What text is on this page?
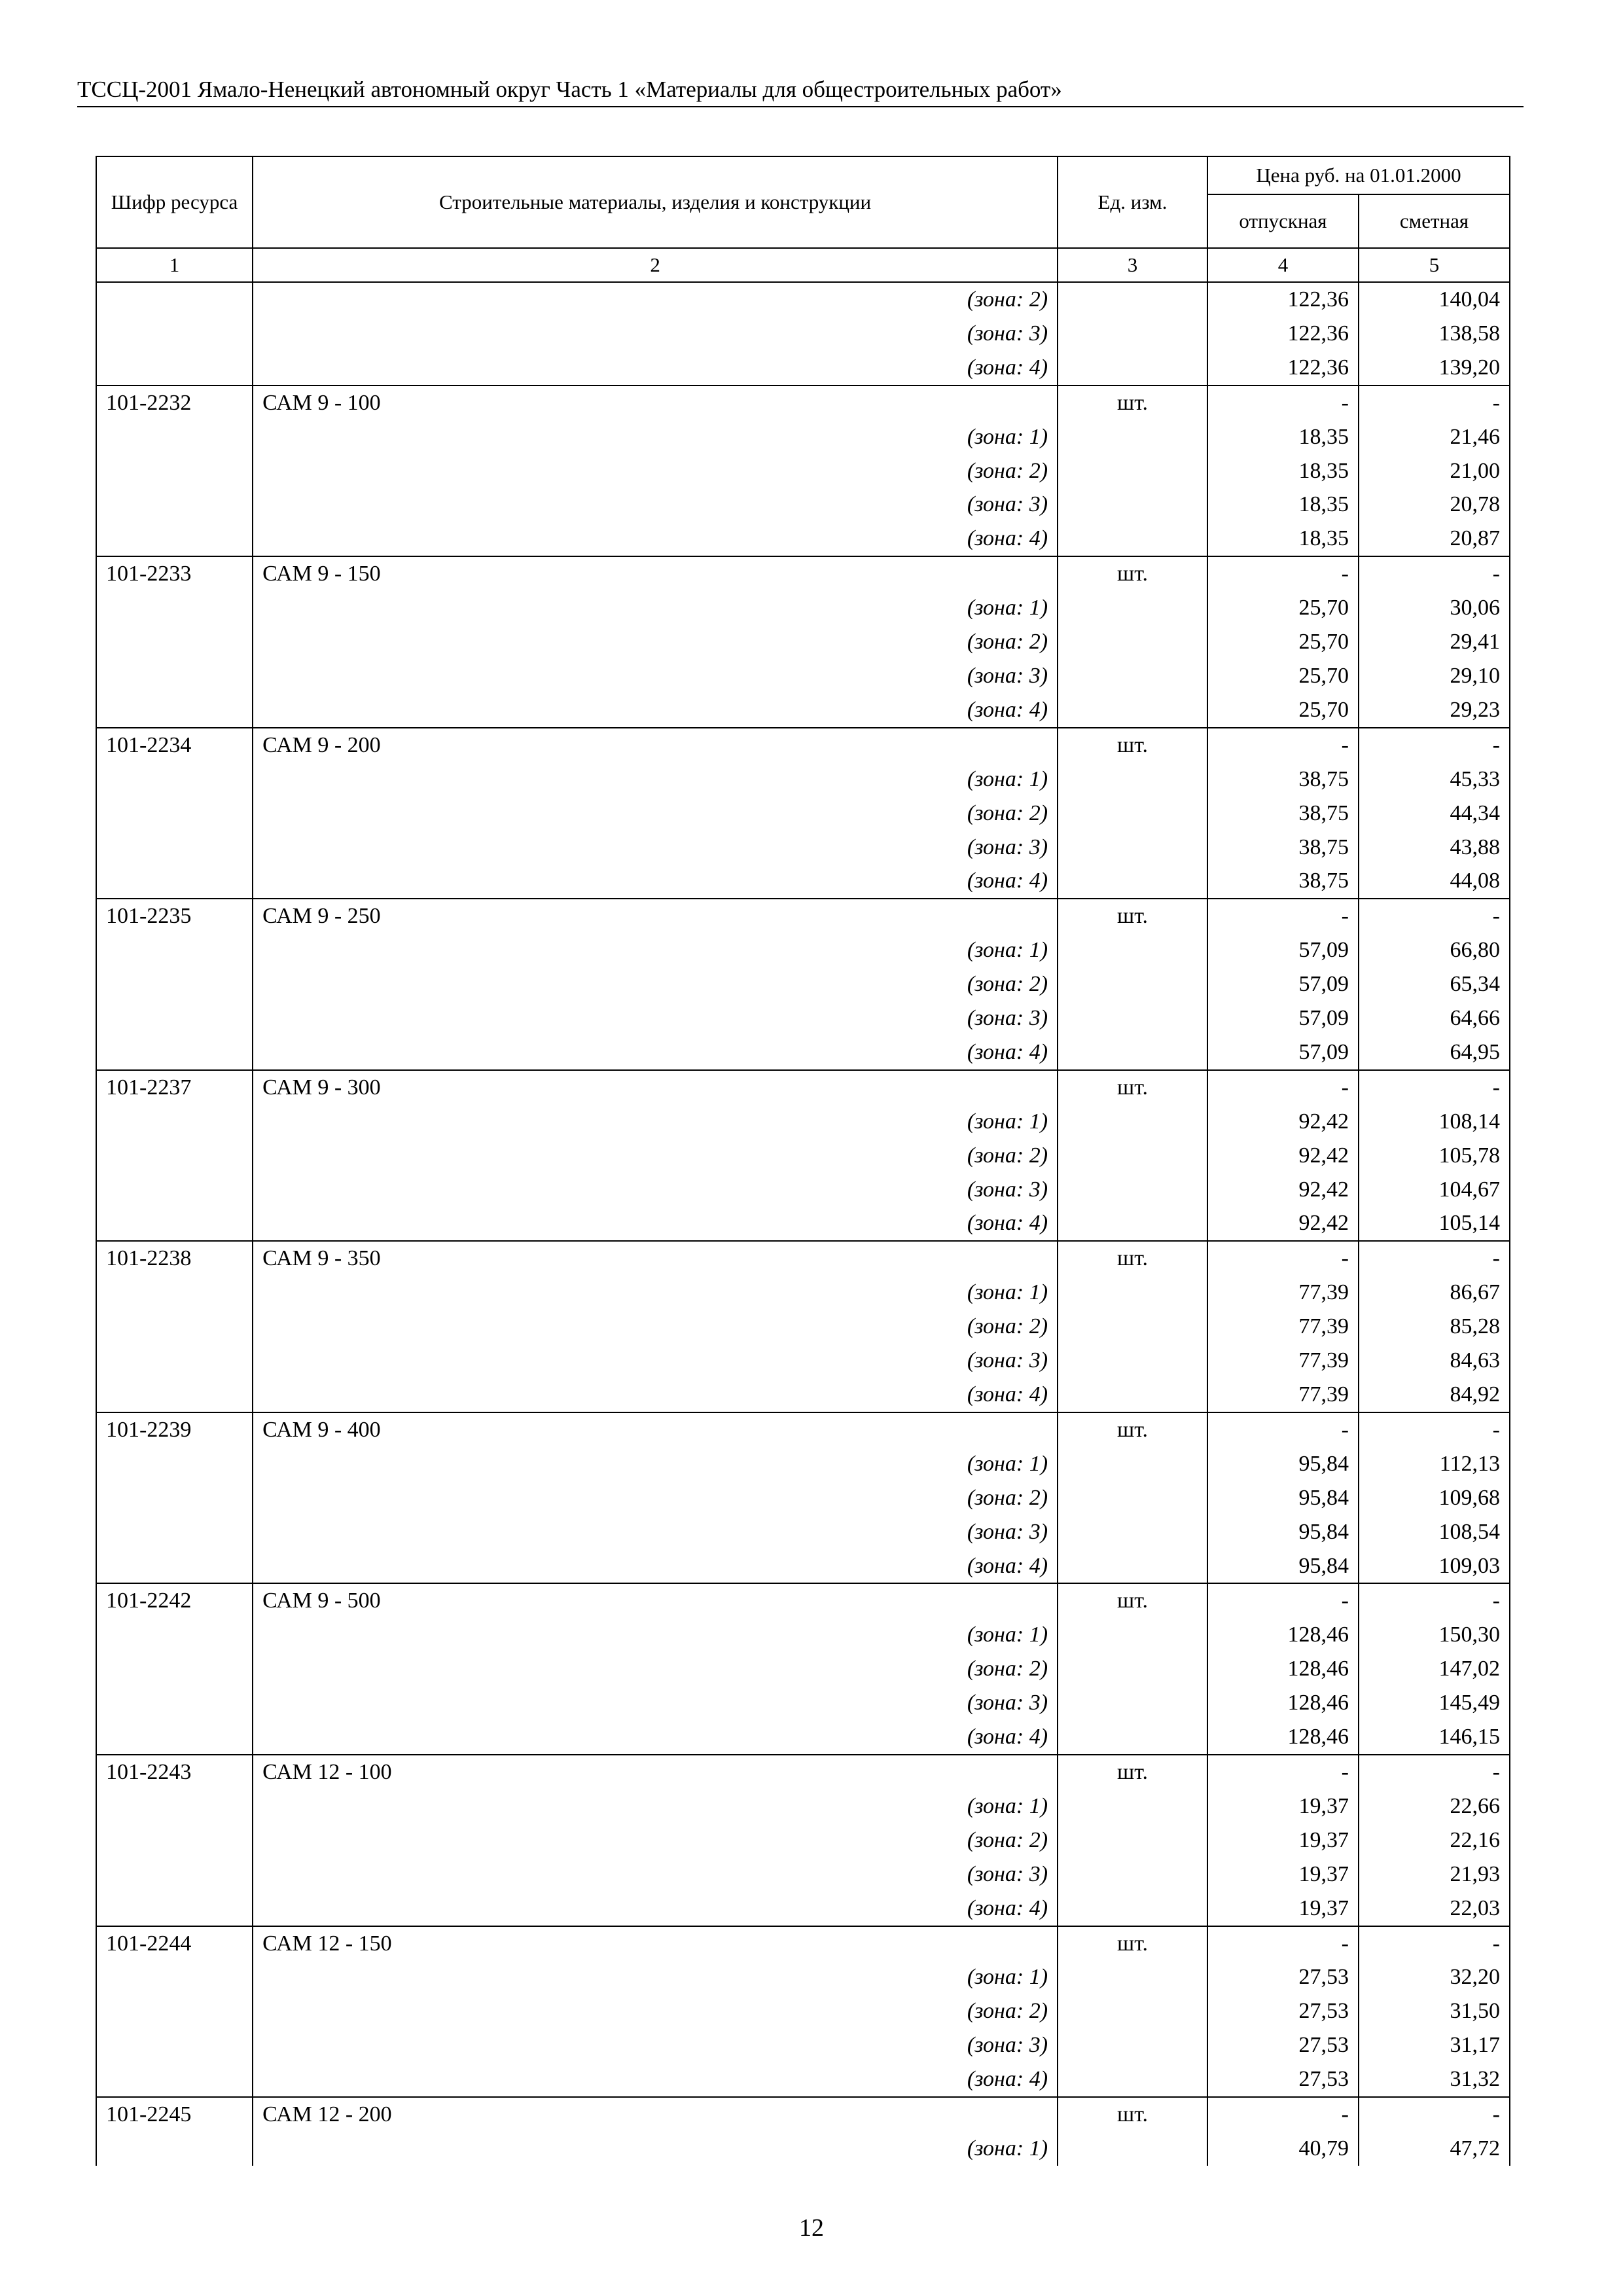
ТССЦ-2001 Ямало-Ненецкий автономный округ Часть 1 «Материалы для общестроительных работ»
Шифр ресурса	Строительные материалы, изделия и конструкции	Ед. изм.	Цена руб. на 01.01.2000	
			отпускная	сметная
1	2	3	4	5
	(зона: 2)		122,36	140,04
	(зона: 3)		122,36	138,58
	(зона: 4)		122,36	139,20
101-2232	САМ 9 - 100	шт.	-	-
	(зона: 1)		18,35	21,46
	(зона: 2)		18,35	21,00
	(зона: 3)		18,35	20,78
	(зона: 4)		18,35	20,87
101-2233	САМ 9 - 150	шт.	-	-
	(зона: 1)		25,70	30,06
	(зона: 2)		25,70	29,41
	(зона: 3)		25,70	29,10
	(зона: 4)		25,70	29,23
101-2234	САМ 9 - 200	шт.	-	-
	(зона: 1)		38,75	45,33
	(зона: 2)		38,75	44,34
	(зона: 3)		38,75	43,88
	(зона: 4)		38,75	44,08
101-2235	САМ 9 - 250	шт.	-	-
	(зона: 1)		57,09	66,80
	(зона: 2)		57,09	65,34
	(зона: 3)		57,09	64,66
	(зона: 4)		57,09	64,95
101-2237	САМ 9 - 300	шт.	-	-
	(зона: 1)		92,42	108,14
	(зона: 2)		92,42	105,78
	(зона: 3)		92,42	104,67
	(зона: 4)		92,42	105,14
101-2238	САМ 9 - 350	шт.	-	-
	(зона: 1)		77,39	86,67
	(зона: 2)		77,39	85,28
	(зона: 3)		77,39	84,63
	(зона: 4)		77,39	84,92
101-2239	САМ 9 - 400	шт.	-	-
	(зона: 1)		95,84	112,13
	(зона: 2)		95,84	109,68
	(зона: 3)		95,84	108,54
	(зона: 4)		95,84	109,03
101-2242	САМ 9 - 500	шт.	-	-
	(зона: 1)		128,46	150,30
	(зона: 2)		128,46	147,02
	(зона: 3)		128,46	145,49
	(зона: 4)		128,46	146,15
101-2243	САМ 12 - 100	шт.	-	-
	(зона: 1)		19,37	22,66
	(зона: 2)		19,37	22,16
	(зона: 3)		19,37	21,93
	(зона: 4)		19,37	22,03
101-2244	САМ 12 - 150	шт.	-	-
	(зона: 1)		27,53	32,20
	(зона: 2)		27,53	31,50
	(зона: 3)		27,53	31,17
	(зона: 4)		27,53	31,32
101-2245	САМ 12 - 200	шт.	-	-
	(зона: 1)		40,79	47,72
12
